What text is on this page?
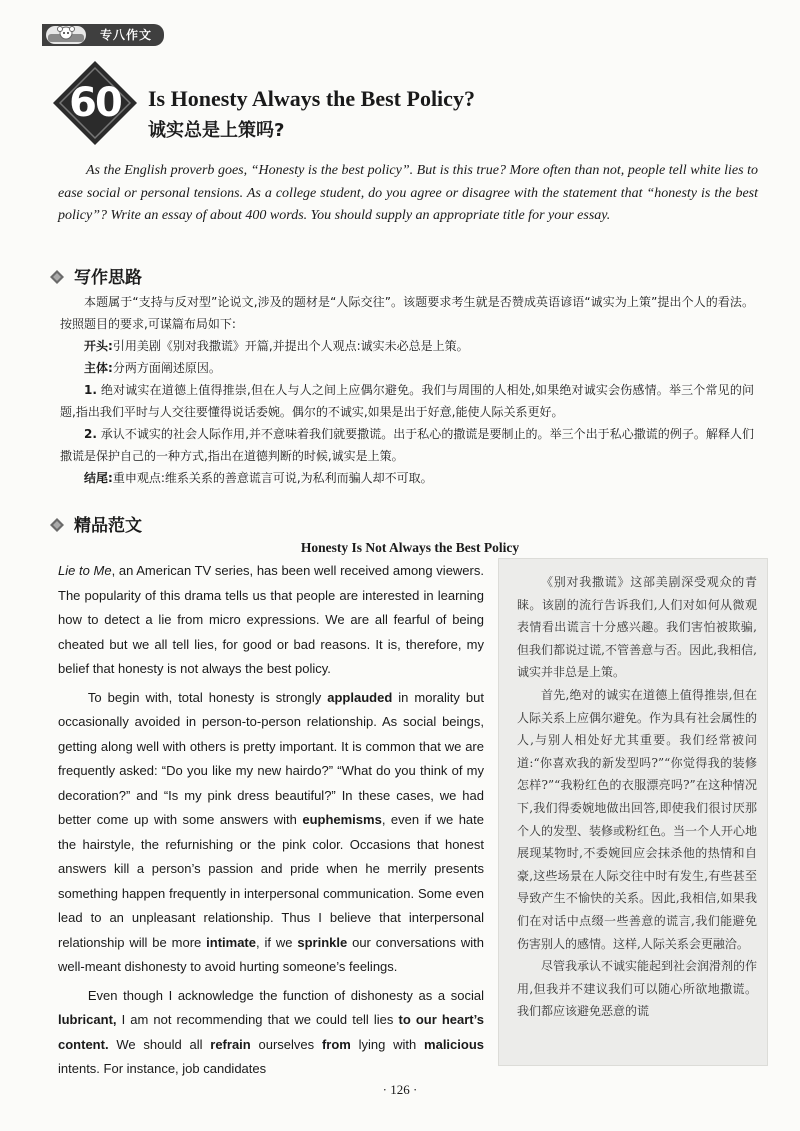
专八作文
60	Is Honesty Always the Best Policy?
诚实总是上策吗?
As the English proverb goes, “Honesty is the best policy”. But is this true? More often than not, people tell white lies to ease social or personal tensions. As a college student, do you agree or disagree with the statement that “honesty is the best policy”? Write an essay of about 400 words. You should supply an appropriate title for your essay.
写作思路

本题属于“支持与反对型”论说文,涉及的题材是“人际交往”。该题要求考生就是否赞成英语谚语“诚实为上策”提出个人的看法。按照题目的要求,可谋篇布局如下:

开头:引用美剧《别对我撒谎》开篇,并提出个人观点:诚实未必总是上策。

主体:分两方面阐述原因。

1. 绝对诚实在道德上值得推崇,但在人与人之间上应偶尔避免。我们与周围的人相处,如果绝对诚实会伤感情。举三个常见的问题,指出我们平时与人交往要懂得说话委婉。偶尔的不诚实,如果是出于好意,能使人际关系更好。

2. 承认不诚实的社会人际作用,并不意味着我们就要撒谎。出于私心的撒谎是要制止的。举三个出于私心撒谎的例子。解释人们撒谎是保护自己的一种方式,指出在道德判断的时候,诚实是上策。

结尾:重申观点:维系关系的善意谎言可说,为私利而骗人却不可取。

精品范文
Honesty Is Not Always the Best Policy

Lie to Me, an American TV series, has been well received among viewers. The popularity of this drama tells us that people are interested in learning how to detect a lie from micro expressions. We are all fearful of being cheated but we all tell lies, for good or bad reasons. It is, therefore, my belief that honesty is not always the best policy.

To begin with, total honesty is strongly applauded in morality but occasionally avoided in person-to-person relationship. As social beings, getting along well with others is pretty important. It is common that we are frequently asked: “Do you like my new hairdo?” “What do you think of my decoration?” and “Is my pink dress beautiful?” In these cases, we had better come up with some answers with euphemisms, even if we hate the hairstyle, the refurnishing or the pink color. Occasions that honest answers kill a person’s passion and pride when he merrily presents something happen frequently in interpersonal communication. Some even lead to an unpleasant relationship. Thus I believe that interpersonal relationship will be more intimate, if we sprinkle our conversations with well-meant dishonesty to avoid hurting someone’s feelings.

Even though I acknowledge the function of dishonesty as a social lubricant, I am not recommending that we could tell lies to our heart’s content. We should all refrain ourselves from lying with malicious intents. For instance, job candidates

《别对我撒谎》这部美剧深受观众的青睐。该剧的流行告诉我们,人们对如何从微观表情看出谎言十分感兴趣。我们害怕被欺骗,但我们都说过谎,不管善意与否。因此,我相信,诚实并非总是上策。

首先,绝对的诚实在道德上值得推崇,但在人际关系上应偶尔避免。作为具有社会属性的人,与别人相处好尤其重要。我们经常被问道:“你喜欢我的新发型吗?”“你觉得我的装修怎样?”“我粉红色的衣服漂亮吗?”在这种情况下,我们得委婉地做出回答,即使我们很讨厌那个人的发型、装修或粉红色。当一个人开心地展现某物时,不委婉回应会抹杀他的热情和自豪,这些场景在人际交往中时有发生,有些甚至导致产生不愉快的关系。因此,我相信,如果我们在对话中点缀一些善意的谎言,我们能避免伤害别人的感情。这样,人际关系会更融洽。

尽管我承认不诚实能起到社会润滑剂的作用,但我并不建议我们可以随心所欲地撒谎。我们都应该避免恶意的谎

· 126 ·
